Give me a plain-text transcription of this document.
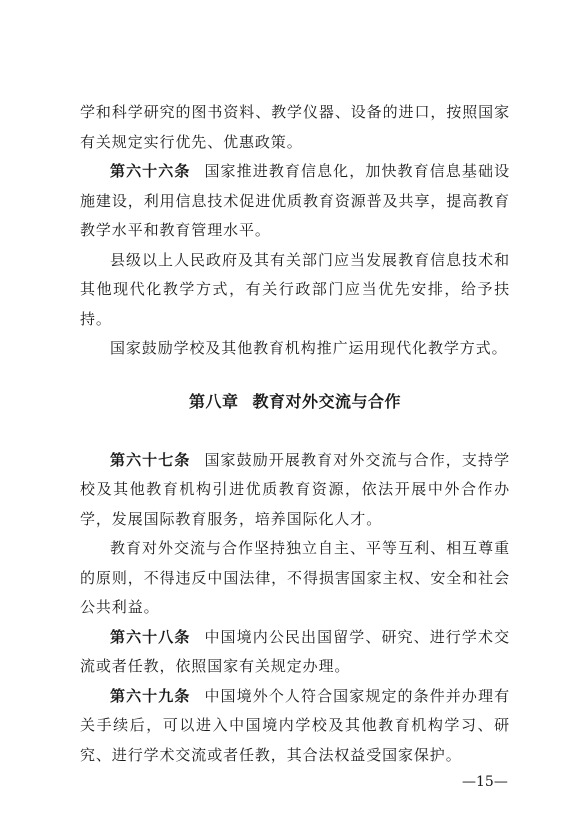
学和科学研究的图书资料、教学仪器、设备的进口，按照国家有关规定实行优先、优惠政策。

第六十六条 国家推进教育信息化，加快教育信息基础设施建设，利用信息技术促进优质教育资源普及共享，提高教育教学水平和教育管理水平。

县级以上人民政府及其有关部门应当发展教育信息技术和其他现代化教学方式，有关行政部门应当优先安排，给予扶持。

国家鼓励学校及其他教育机构推广运用现代化教学方式。

第八章 教育对外交流与合作

第六十七条 国家鼓励开展教育对外交流与合作，支持学校及其他教育机构引进优质教育资源，依法开展中外合作办学，发展国际教育服务，培养国际化人才。

教育对外交流与合作坚持独立自主、平等互利、相互尊重的原则，不得违反中国法律，不得损害国家主权、安全和社会公共利益。

第六十八条 中国境内公民出国留学、研究、进行学术交流或者任教，依照国家有关规定办理。

第六十九条 中国境外个人符合国家规定的条件并办理有关手续后，可以进入中国境内学校及其他教育机构学习、研究、进行学术交流或者任教，其合法权益受国家保护。

—15—
